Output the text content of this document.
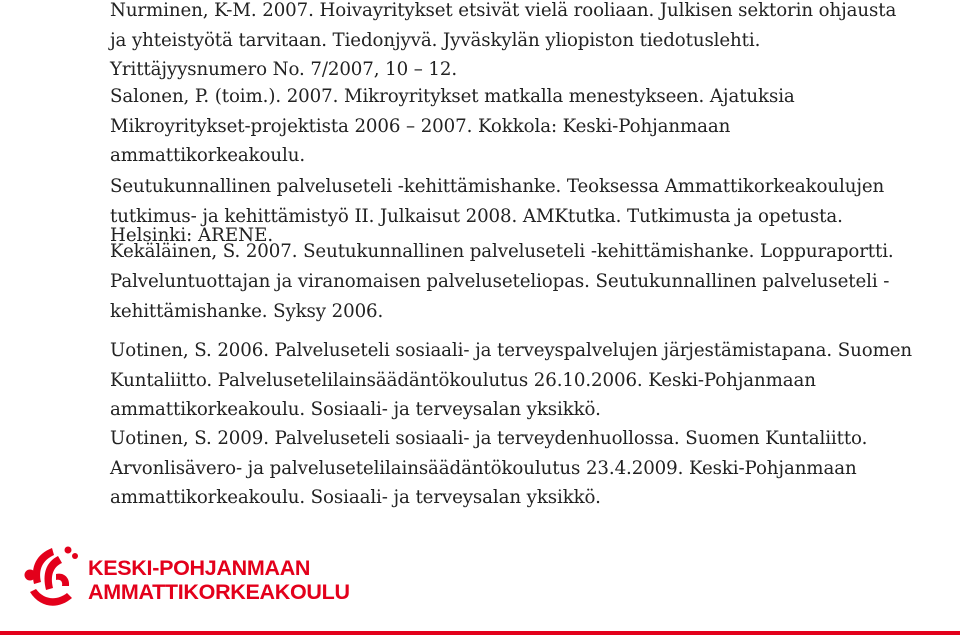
Nurminen, K-M. 2007. Hoivayritykset etsivät vielä rooliaan. Julkisen sektorin ohjausta
ja yhteistyötä tarvitaan. Tiedonjyvä. Jyväskylän yliopiston tiedotuslehti.
Yrittäjyysnumero No. 7/2007, 10 – 12.

Salonen, P. (toim.). 2007. Mikroyritykset matkalla menestykseen. Ajatuksia
Mikroyritykset-projektista 2006 – 2007. Kokkola: Keski-Pohjanmaan
ammattikorkeakoulu.

Seutukunnallinen palveluseteli -kehittämishanke. Teoksessa Ammattikorkeakoulujen
tutkimus- ja kehittämistyö II. Julkaisut 2008. AMKtutka. Tutkimusta ja opetusta.
Kekäläinen, S. 2007. Seutukunnallinen palveluseteli -kehittämishanke. Loppuraportti.

Helsinki: ARENE.

Palveluntuottajan ja viranomaisen palveluseteliopas. Seutukunnallinen palveluseteli -
kehittämishanke. Syksy 2006.

Uotinen, S. 2006. Palveluseteli sosiaali- ja terveyspalvelujen järjestämistapana. Suomen
Kuntaliitto. Palvelusetelilainsäädäntökoulutus 26.10.2006. Keski-Pohjanmaan
ammattikorkeakoulu. Sosiaali- ja terveysalan yksikkö.

Uotinen, S. 2009. Palveluseteli sosiaali- ja terveydenhuollossa. Suomen Kuntaliitto.
Arvonlisävero- ja palvelusetelilainsäädäntökoulutus 23.4.2009. Keski-Pohjanmaan
ammattikorkeakoulu. Sosiaali- ja terveysalan yksikkö.

KESKI-POHJANMAAN
AMMATTIKORKEAKOULU
